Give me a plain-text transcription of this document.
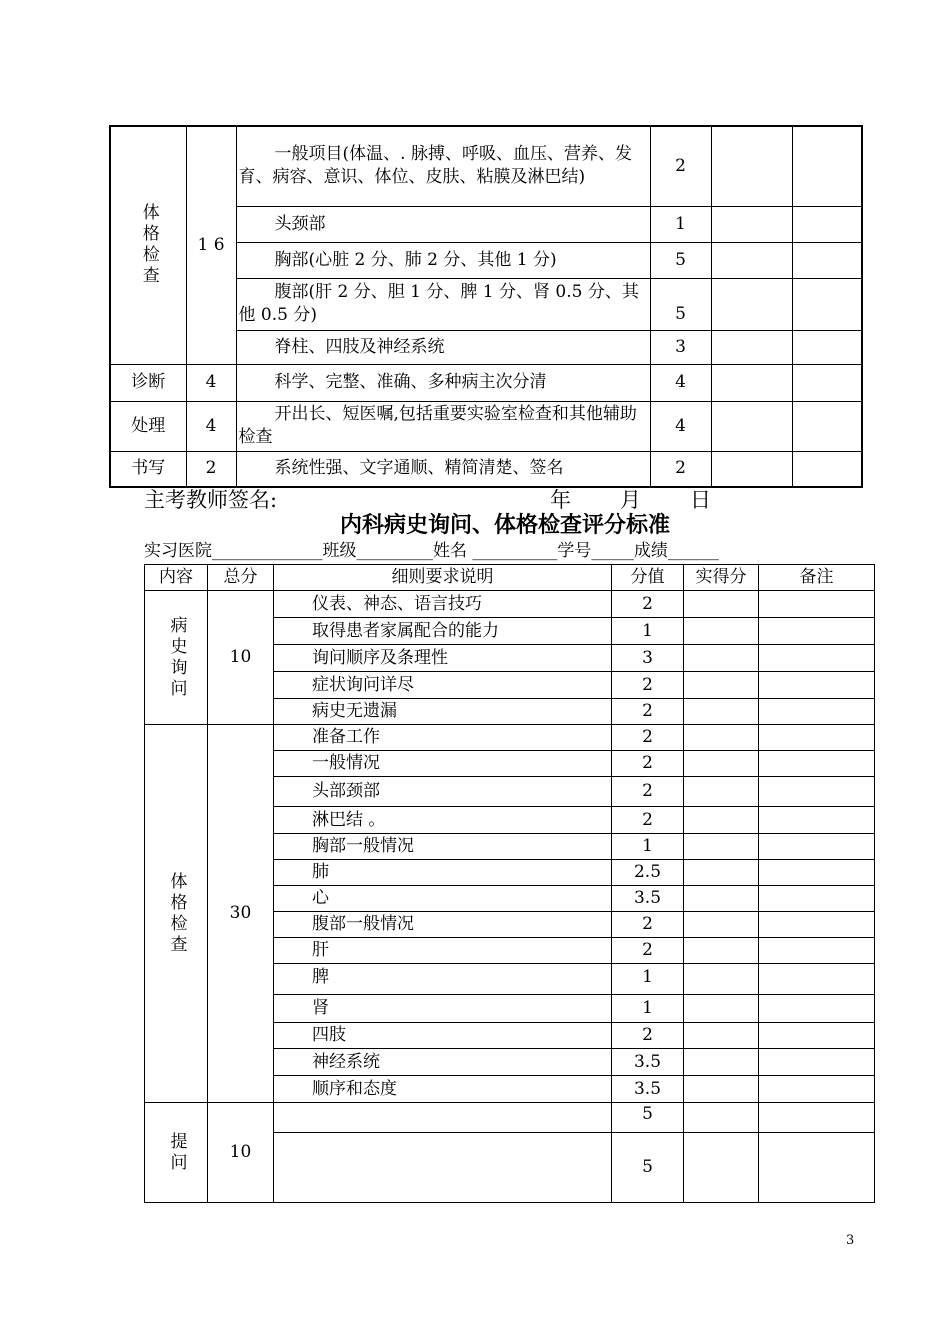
体格检查	1 6	一般项目(体温、. 脉搏、呼吸、血压、营养、发育、病容、意识、体位、皮肤、粘膜及淋巴结)	2		
		头颈部	1		
		胸部(心脏 2 分、肺 2 分、其他 1 分)	5		
		腹部(肝 2 分、胆 1 分、脾 1 分、肾 0.5 分、其他 0.5 分)	5		
		脊柱、四肢及神经系统	3		
诊断	4	科学、完整、准确、多种病主次分清	4		
处理	4	开出长、短医嘱,包括重要实验室检查和其他辅助检查	4		
书写	2	系统性强、文字通顺、精简清楚、签名	2		
主考教师签名:	年 月 日
内科病史询问、体格检查评分标准
实习医院_____________班级_________姓名 __________学号_____成绩______
内容	总分	细则要求说明	分值	实得分	备注
病史询问	10	仪表、神态、语言技巧	2		
		取得患者家属配合的能力	1		
		询问顺序及条理性	3		
		症状询问详尽	2		
		病史无遗漏	2		
体格检查	30	准备工作	2		
		一般情况	2		
		头部颈部	2		
		淋巴结 。	2		
		胸部一般情况	1		
		肺	2.5		
		心	3.5		
		腹部一般情况	2		
		肝	2		
		脾	1		
		肾	1		
		四肢	2		
		神经系统	3.5		
		顺序和态度	3.5		
提问	10		5		
			5		
3
